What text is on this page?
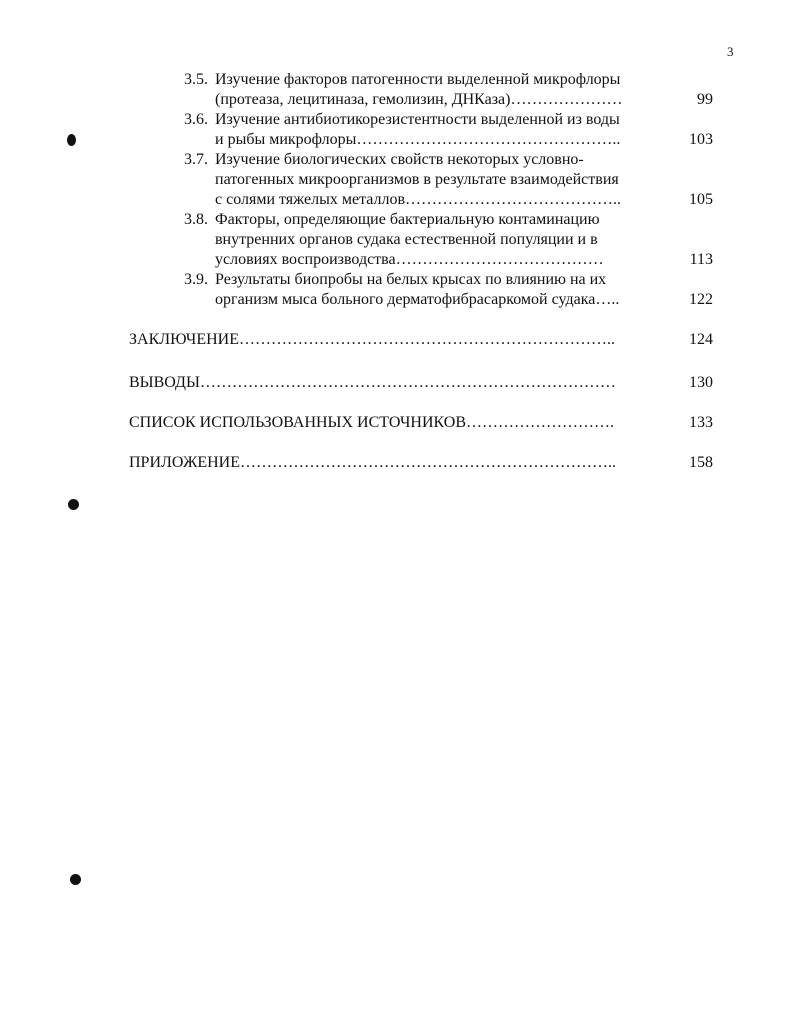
3
3.5. Изучение факторов патогенности выделенной микрофлоры
(протеаза, лецитиназа, гемолизин, ДНКаза)…………………	99
3.6. Изучение антибиотикорезистентности выделенной из воды
и рыбы микрофлоры…………………………………………..	103
3.7. Изучение биологических свойств некоторых условно-
патогенных микроорганизмов в результате взаимодействия
с солями тяжелых металлов…………………………………..	105
3.8. Факторы, определяющие бактериальную контаминацию
внутренних органов судака естественной популяции и в
условиях воспроизводства…………………………………	113
3.9. Результаты биопробы на белых крысах по влиянию на их
организм мыса больного дерматофибрасаркомой судака…..	122
ЗАКЛЮЧЕНИЕ……………………………………………………………..	124
ВЫВОДЫ……………………………………………………………………	130
СПИСОК ИСПОЛЬЗОВАННЫХ ИСТОЧНИКОВ……………………….	133
ПРИЛОЖЕНИЕ……………………………………………………………..	158
